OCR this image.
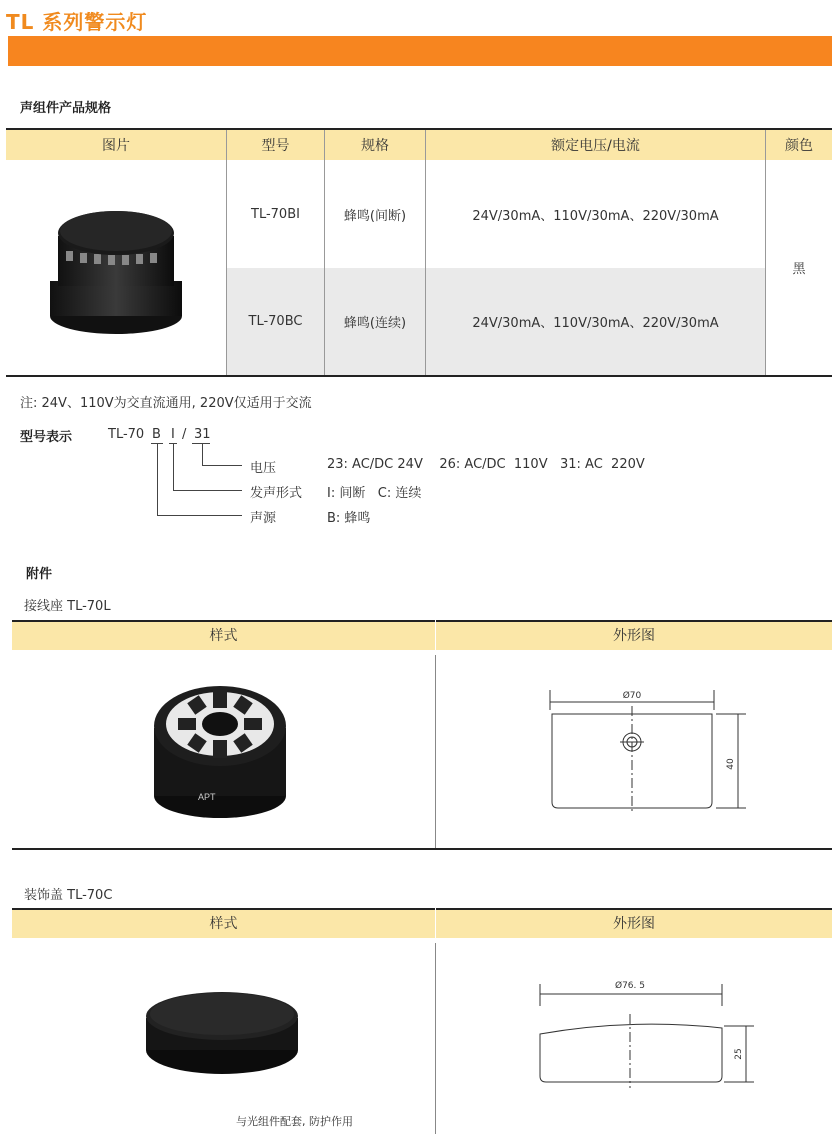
TL 系列警示灯
声组件产品规格
图片	型号	规格	额定电压/电流	颜色
	TL-70BI	蜂鸣(间断)	24V/30mA、110V/30mA、220V/30mA	黑
	TL-70BC	蜂鸣(连续)	24V/30mA、110V/30mA、220V/30mA	
注: 24V、110V为交直流通用, 220V仅适用于交流
型号表示	TL-70 B I / 31
电压	23: AC/DC 24V    26: AC/DC  110V   31: AC  220V
发声形式 I: 间断   C: 连续
声源	B: 蜂鸣
附件
接线座 TL-70L
样式	外形图
APT
Ø70
40
装饰盖 TL-70C
样式	外形图
与光组件配套, 防护作用
Ø76. 5
25
